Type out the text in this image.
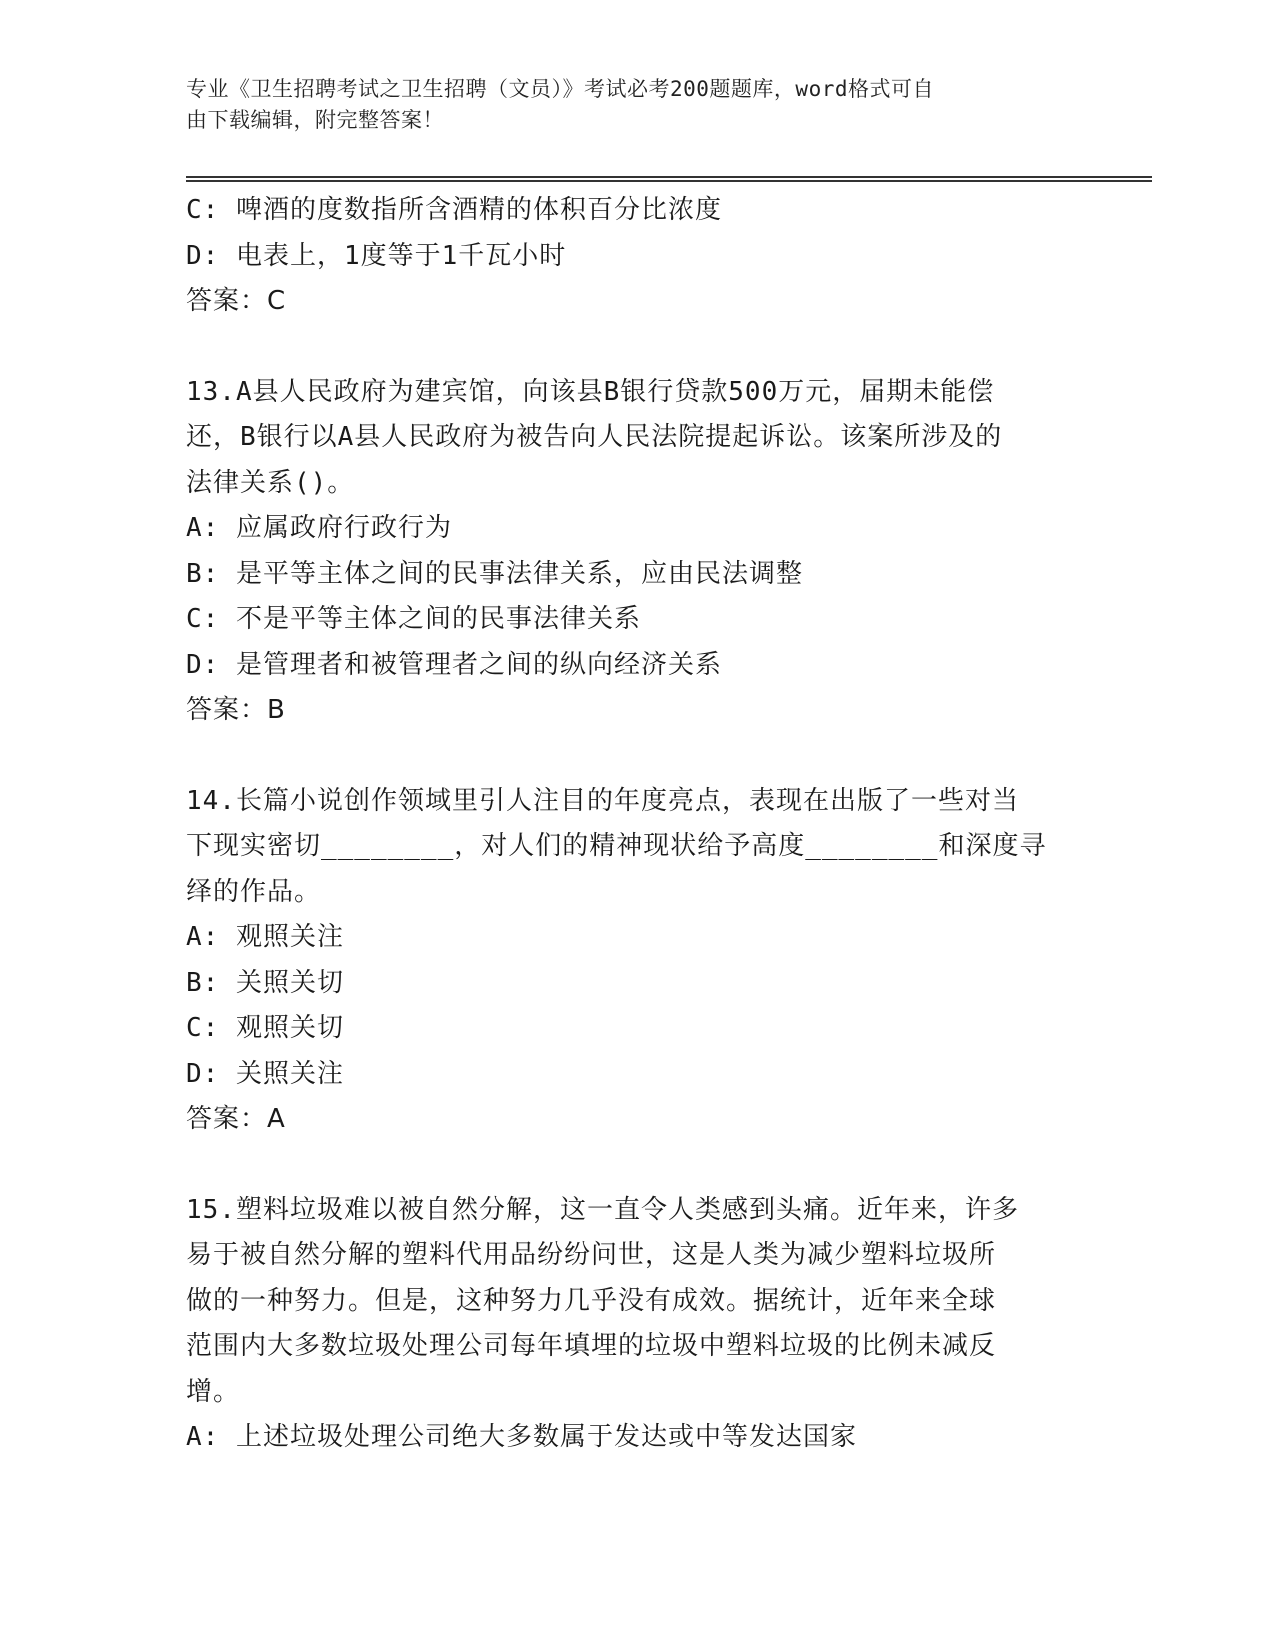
专业《卫生招聘考试之卫生招聘（文员）》考试必考200题题库，word格式可自
由下载编辑，附完整答案！
C: 啤酒的度数指所含酒精的体积百分比浓度
D: 电表上，1度等于1千瓦小时
答案：C
13.A县人民政府为建宾馆，向该县B银行贷款500万元，届期未能偿
还，B银行以A县人民政府为被告向人民法院提起诉讼。该案所涉及的
法律关系()。
A: 应属政府行政行为
B: 是平等主体之间的民事法律关系，应由民法调整
C: 不是平等主体之间的民事法律关系
D: 是管理者和被管理者之间的纵向经济关系
答案：B
14.长篇小说创作领域里引人注目的年度亮点，表现在出版了一些对当
下现实密切________，对人们的精神现状给予高度________和深度寻
绎的作品。
A: 观照关注
B: 关照关切
C: 观照关切
D: 关照关注
答案：A
15.塑料垃圾难以被自然分解，这一直令人类感到头痛。近年来，许多
易于被自然分解的塑料代用品纷纷问世，这是人类为减少塑料垃圾所
做的一种努力。但是，这种努力几乎没有成效。据统计，近年来全球
范围内大多数垃圾处理公司每年填埋的垃圾中塑料垃圾的比例未减反
增。
A: 上述垃圾处理公司绝大多数属于发达或中等发达国家
